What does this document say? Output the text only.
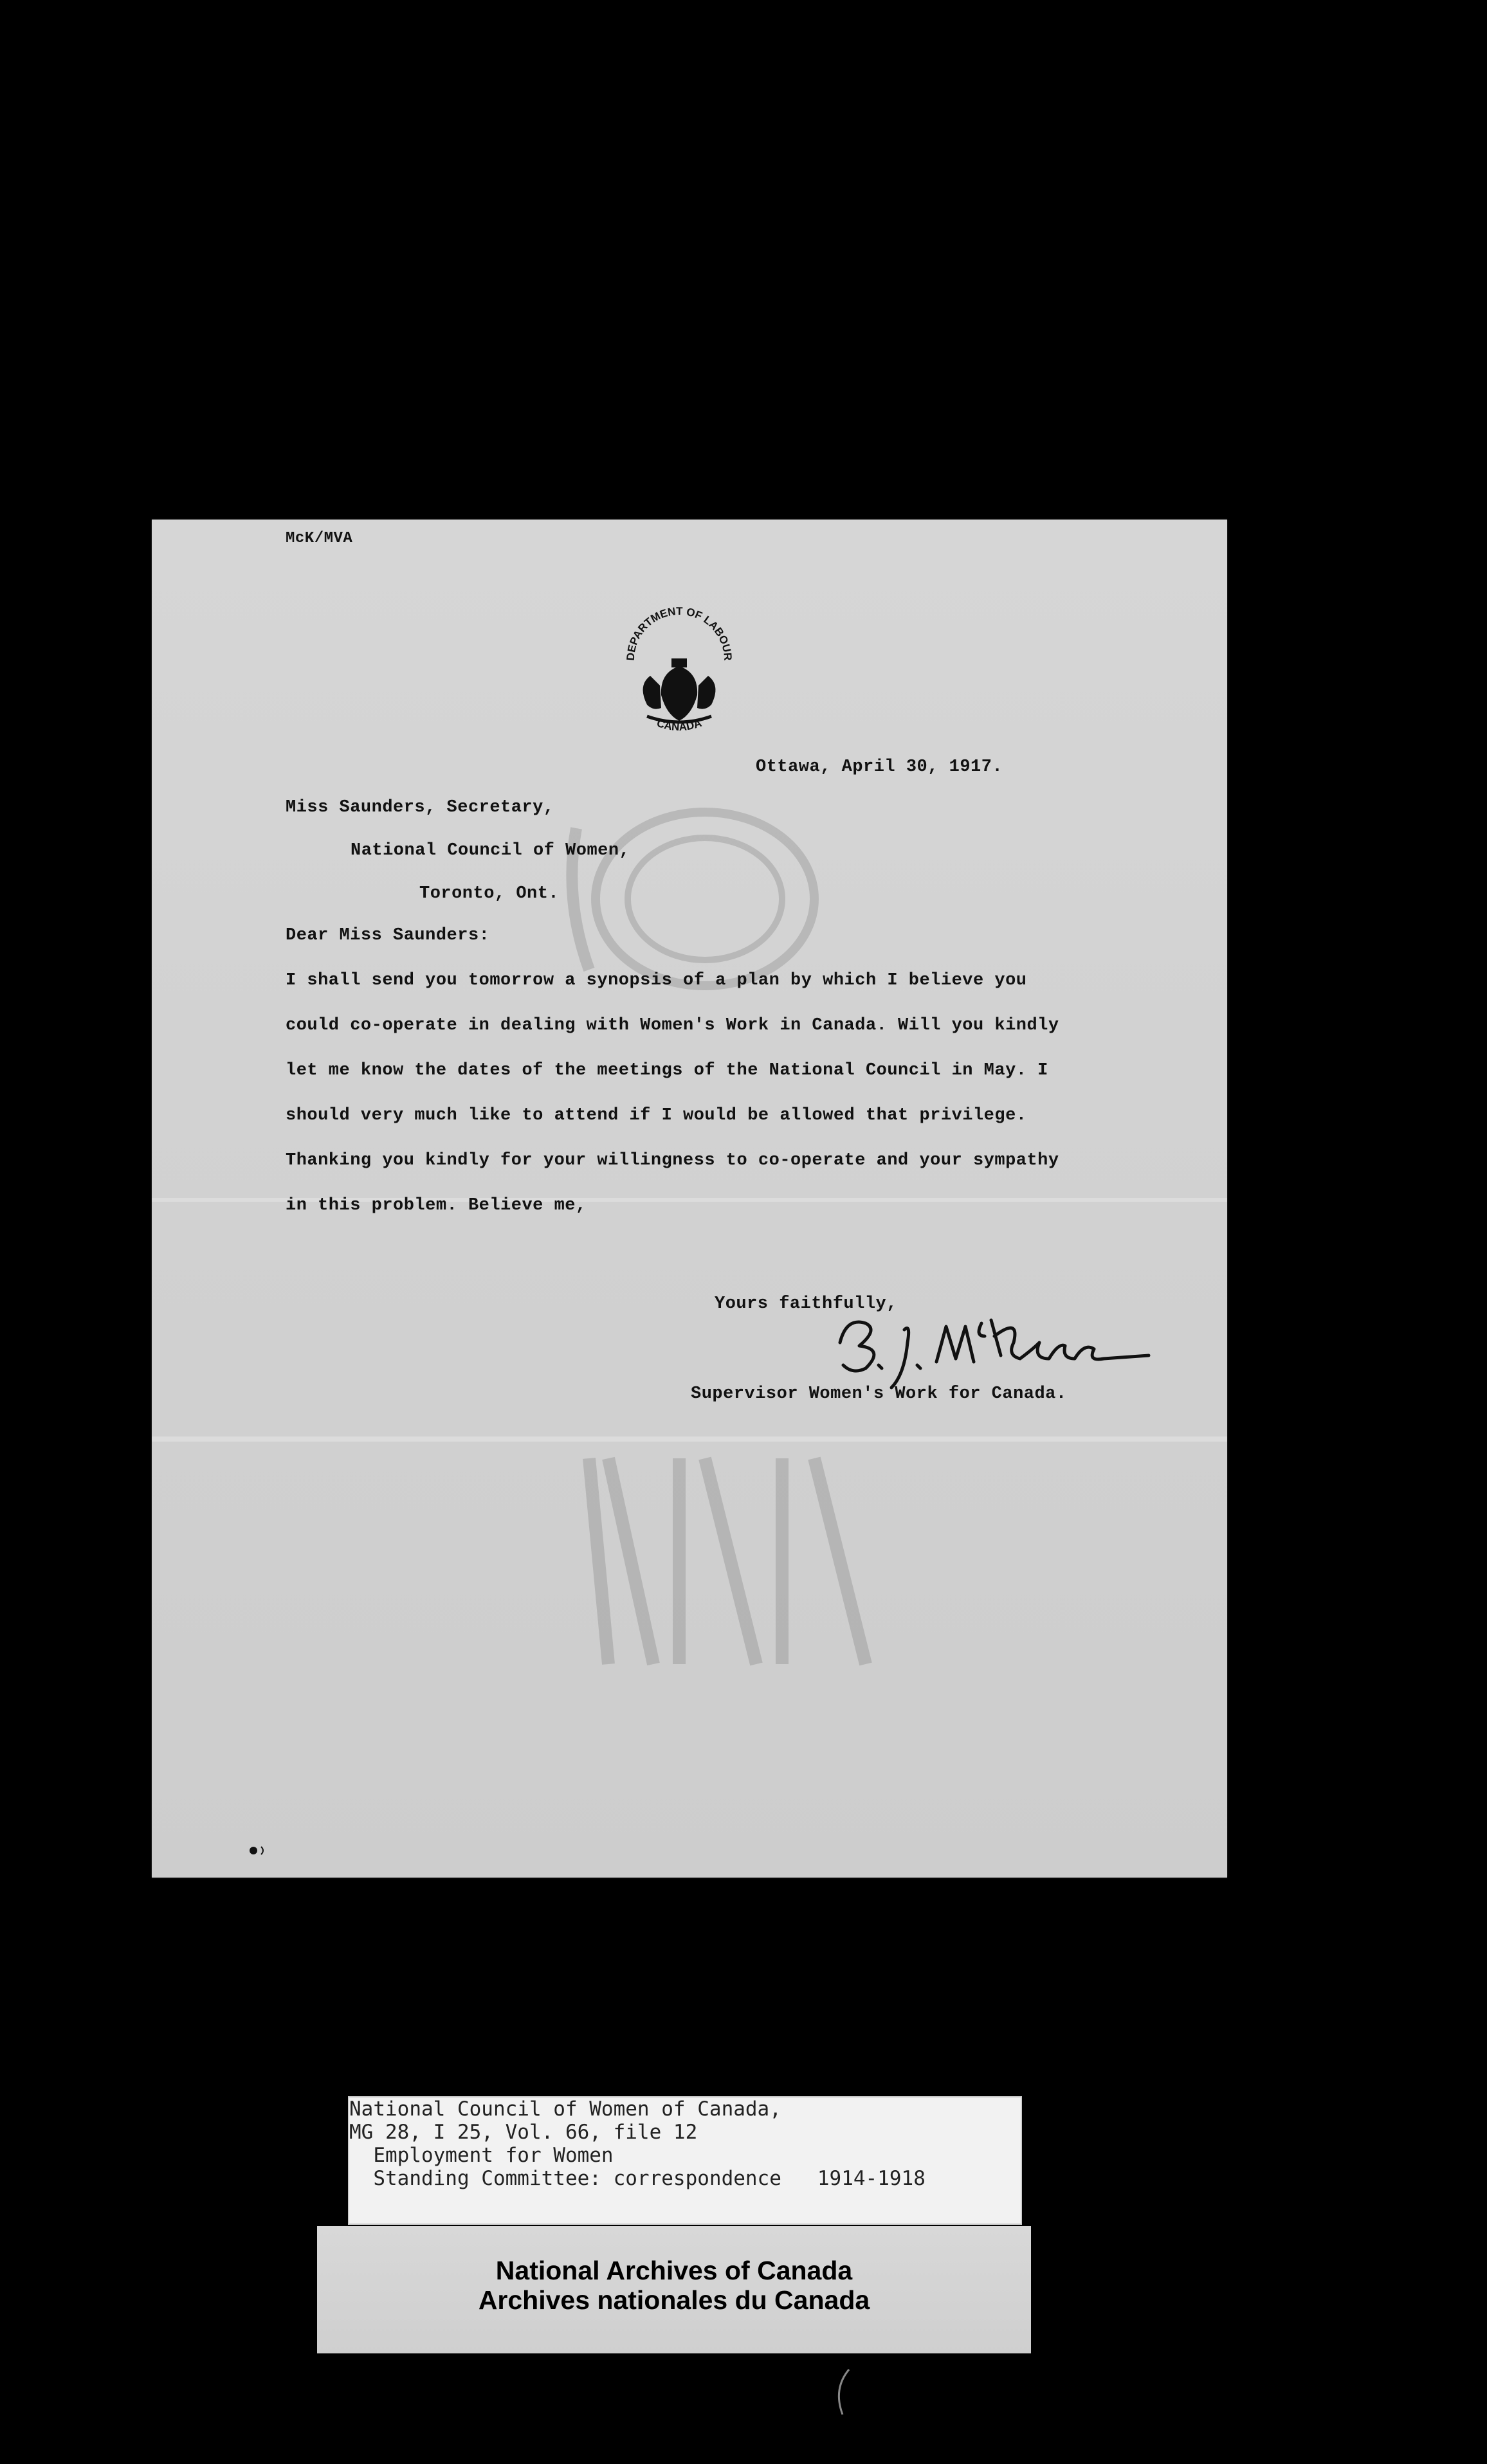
McK/MVA
DEPARTMENT OF LABOUR
CANADA
Ottawa, April 30, 1917.
Miss Saunders, Secretary,
National Council of Women,
Toronto, Ont.
Dear Miss Saunders:
I shall send you tomorrow a synopsis of a plan by which I believe you
could co-operate in dealing with Women's Work in Canada. Will you kindly
let me know the dates of the meetings of the National Council in May. I
should very much like to attend if I would be allowed that privilege.
Thanking you kindly for your willingness to co-operate and your sympathy
in this problem. Believe me,
Yours faithfully,
Supervisor Women's Work for Canada.
National Council of Women of Canada,
MG 28, I 25, Vol. 66, file 12
Employment for Women
Standing Committee: correspondence   1914-1918
National Archives of Canada
Archives nationales du Canada
